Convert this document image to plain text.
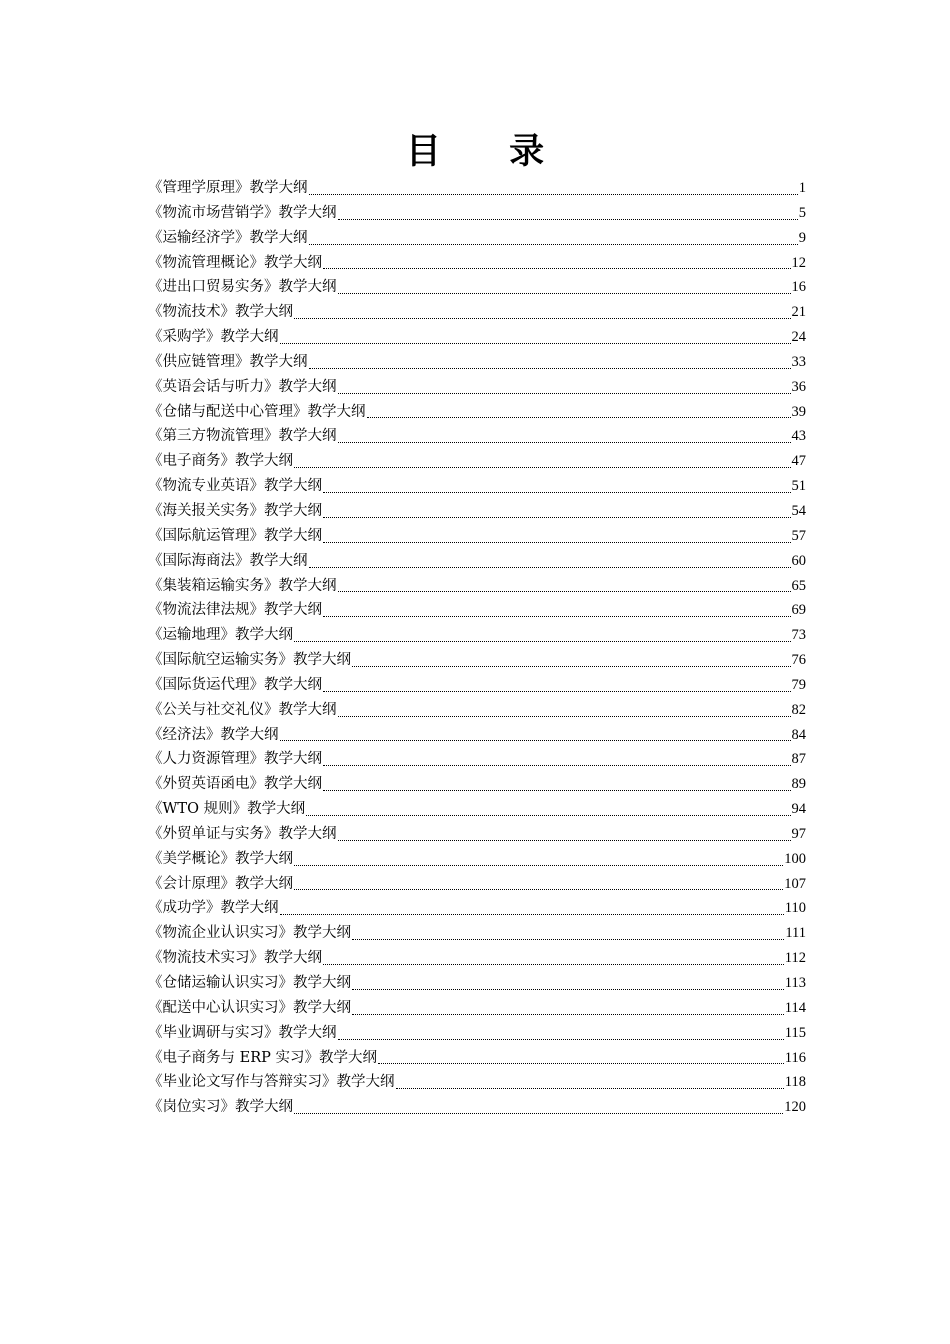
目 录
《管理学原理》教学大纲	1
《物流市场营销学》教学大纲	5
《运输经济学》教学大纲	9
《物流管理概论》教学大纲	12
《进出口贸易实务》教学大纲	16
《物流技术》教学大纲	21
《采购学》教学大纲	24
《供应链管理》教学大纲	33
《英语会话与听力》教学大纲	36
《仓储与配送中心管理》教学大纲	39
《第三方物流管理》教学大纲	43
《电子商务》教学大纲	47
《物流专业英语》教学大纲	51
《海关报关实务》教学大纲	54
《国际航运管理》教学大纲	57
《国际海商法》教学大纲	60
《集装箱运输实务》教学大纲	65
《物流法律法规》教学大纲	69
《运输地理》教学大纲	73
《国际航空运输实务》教学大纲	76
《国际货运代理》教学大纲	79
《公关与社交礼仪》教学大纲	82
《经济法》教学大纲	84
《人力资源管理》教学大纲	87
《外贸英语函电》教学大纲	89
《WTO 规则》教学大纲	94
《外贸单证与实务》教学大纲	97
《美学概论》教学大纲	100
《会计原理》教学大纲	107
《成功学》教学大纲	110
《物流企业认识实习》教学大纲	111
《物流技术实习》教学大纲	112
《仓储运输认识实习》教学大纲	113
《配送中心认识实习》教学大纲	114
《毕业调研与实习》教学大纲	115
《电子商务与 ERP 实习》教学大纲	116
《毕业论文写作与答辩实习》教学大纲	118
《岗位实习》教学大纲	120
